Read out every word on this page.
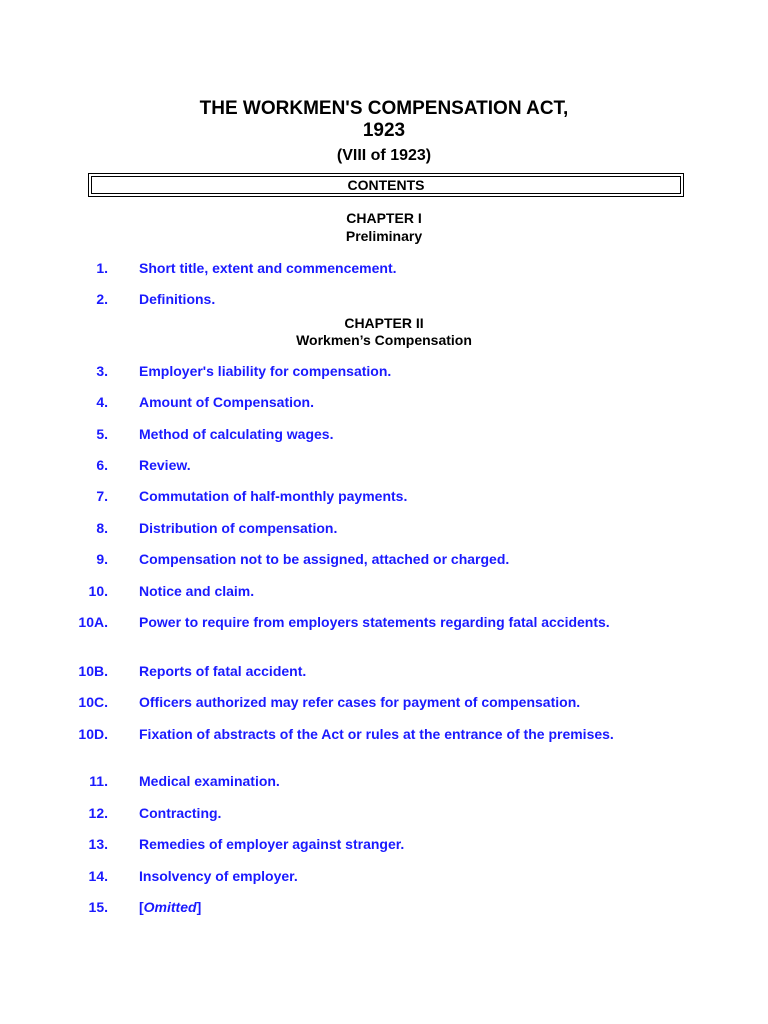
THE WORKMEN'S COMPENSATION ACT,
1923
(VIII of 1923)
CONTENTS
CHAPTER I
Preliminary
1. Short title, extent and commencement.
2. Definitions.
CHAPTER II
Workmen’s Compensation
3. Employer's liability for compensation.
4. Amount of Compensation.
5. Method of calculating wages.
6. Review.
7. Commutation of half-monthly payments.
8. Distribution of compensation.
9. Compensation not to be assigned, attached or charged.
10. Notice and claim.
10A. Power to require from employers statements regarding fatal accidents.
10B. Reports of fatal accident.
10C. Officers authorized may refer cases for payment of compensation.
10D. Fixation of abstracts of the Act or rules at the entrance of the premises.
11. Medical examination.
12. Contracting.
13. Remedies of employer against stranger.
14. Insolvency of employer.
15. [Omitted]
